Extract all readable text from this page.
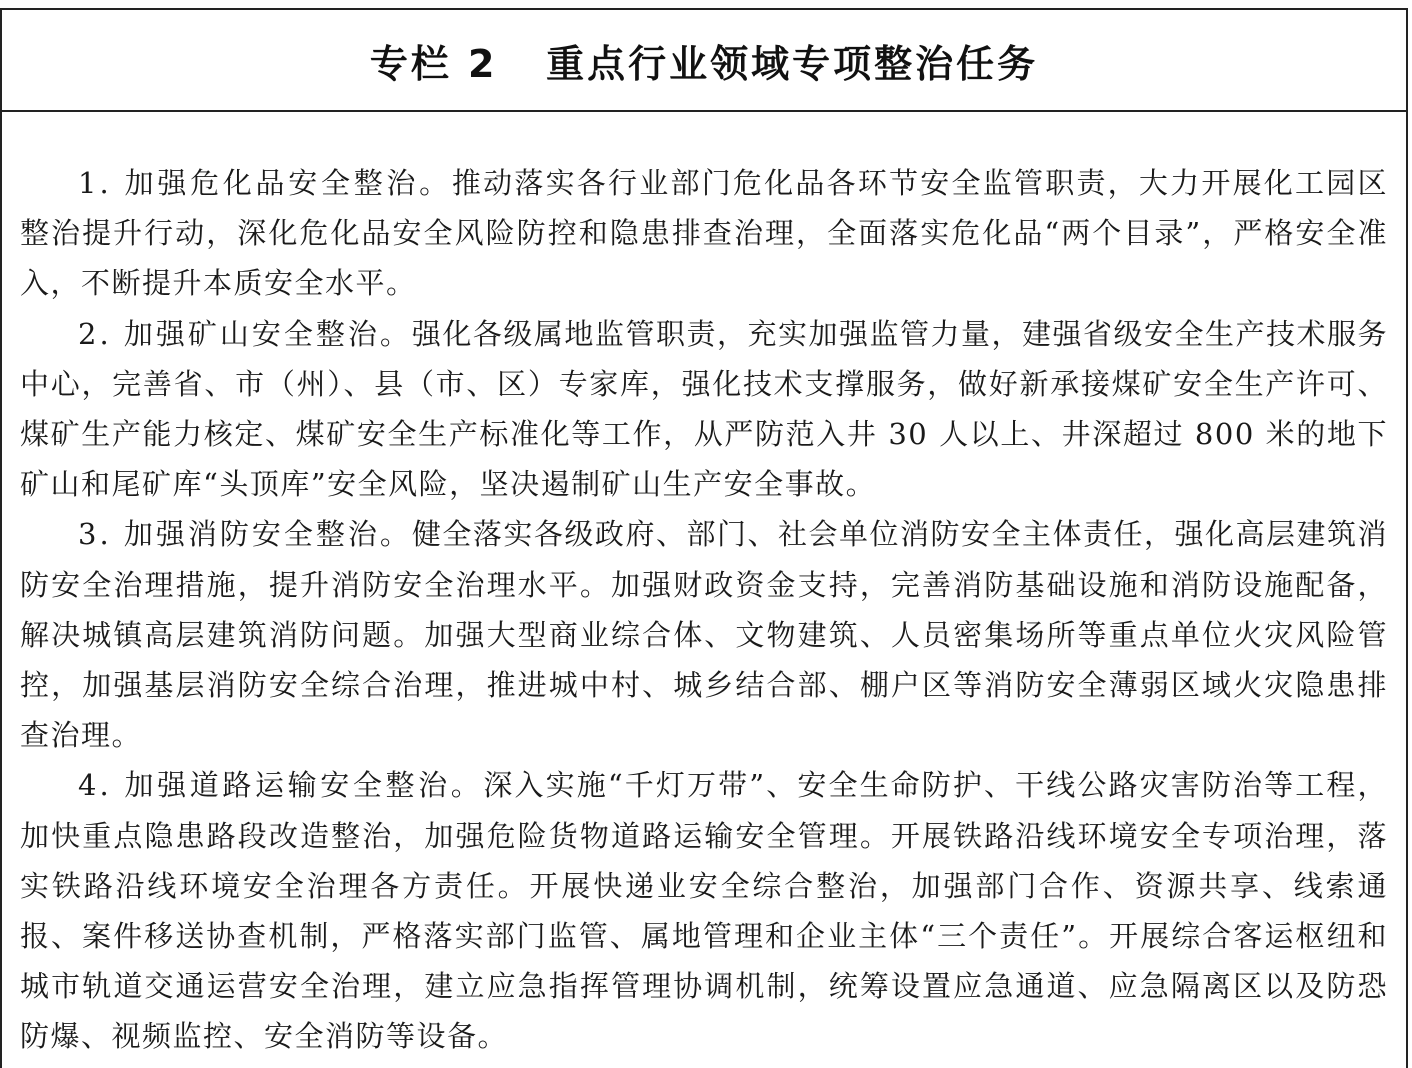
专栏 2   重点行业领域专项整治任务

1. 加强危化品安全整治。推动落实各行业部门危化品各环节安全监管职责，大力开展化工园区整治提升行动，深化危化品安全风险防控和隐患排查治理，全面落实危化品“两个目录”，严格安全准入，不断提升本质安全水平。

2. 加强矿山安全整治。强化各级属地监管职责，充实加强监管力量，建强省级安全生产技术服务中心，完善省、市（州）、县（市、区）专家库，强化技术支撑服务，做好新承接煤矿安全生产许可、煤矿生产能力核定、煤矿安全生产标准化等工作，从严防范入井 30 人以上、井深超过 800 米的地下矿山和尾矿库“头顶库”安全风险，坚决遏制矿山生产安全事故。

3. 加强消防安全整治。健全落实各级政府、部门、社会单位消防安全主体责任，强化高层建筑消防安全治理措施，提升消防安全治理水平。加强财政资金支持，完善消防基础设施和消防设施配备，解决城镇高层建筑消防问题。加强大型商业综合体、文物建筑、人员密集场所等重点单位火灾风险管控，加强基层消防安全综合治理，推进城中村、城乡结合部、棚户区等消防安全薄弱区域火灾隐患排查治理。

4. 加强道路运输安全整治。深入实施“千灯万带”、安全生命防护、干线公路灾害防治等工程，加快重点隐患路段改造整治，加强危险货物道路运输安全管理。开展铁路沿线环境安全专项治理，落实铁路沿线环境安全治理各方责任。开展快递业安全综合整治，加强部门合作、资源共享、线索通报、案件移送协查机制，严格落实部门监管、属地管理和企业主体“三个责任”。开展综合客运枢纽和城市轨道交通运营安全治理，建立应急指挥管理协调机制，统筹设置应急通道、应急隔离区以及防恐防爆、视频监控、安全消防等设备。
